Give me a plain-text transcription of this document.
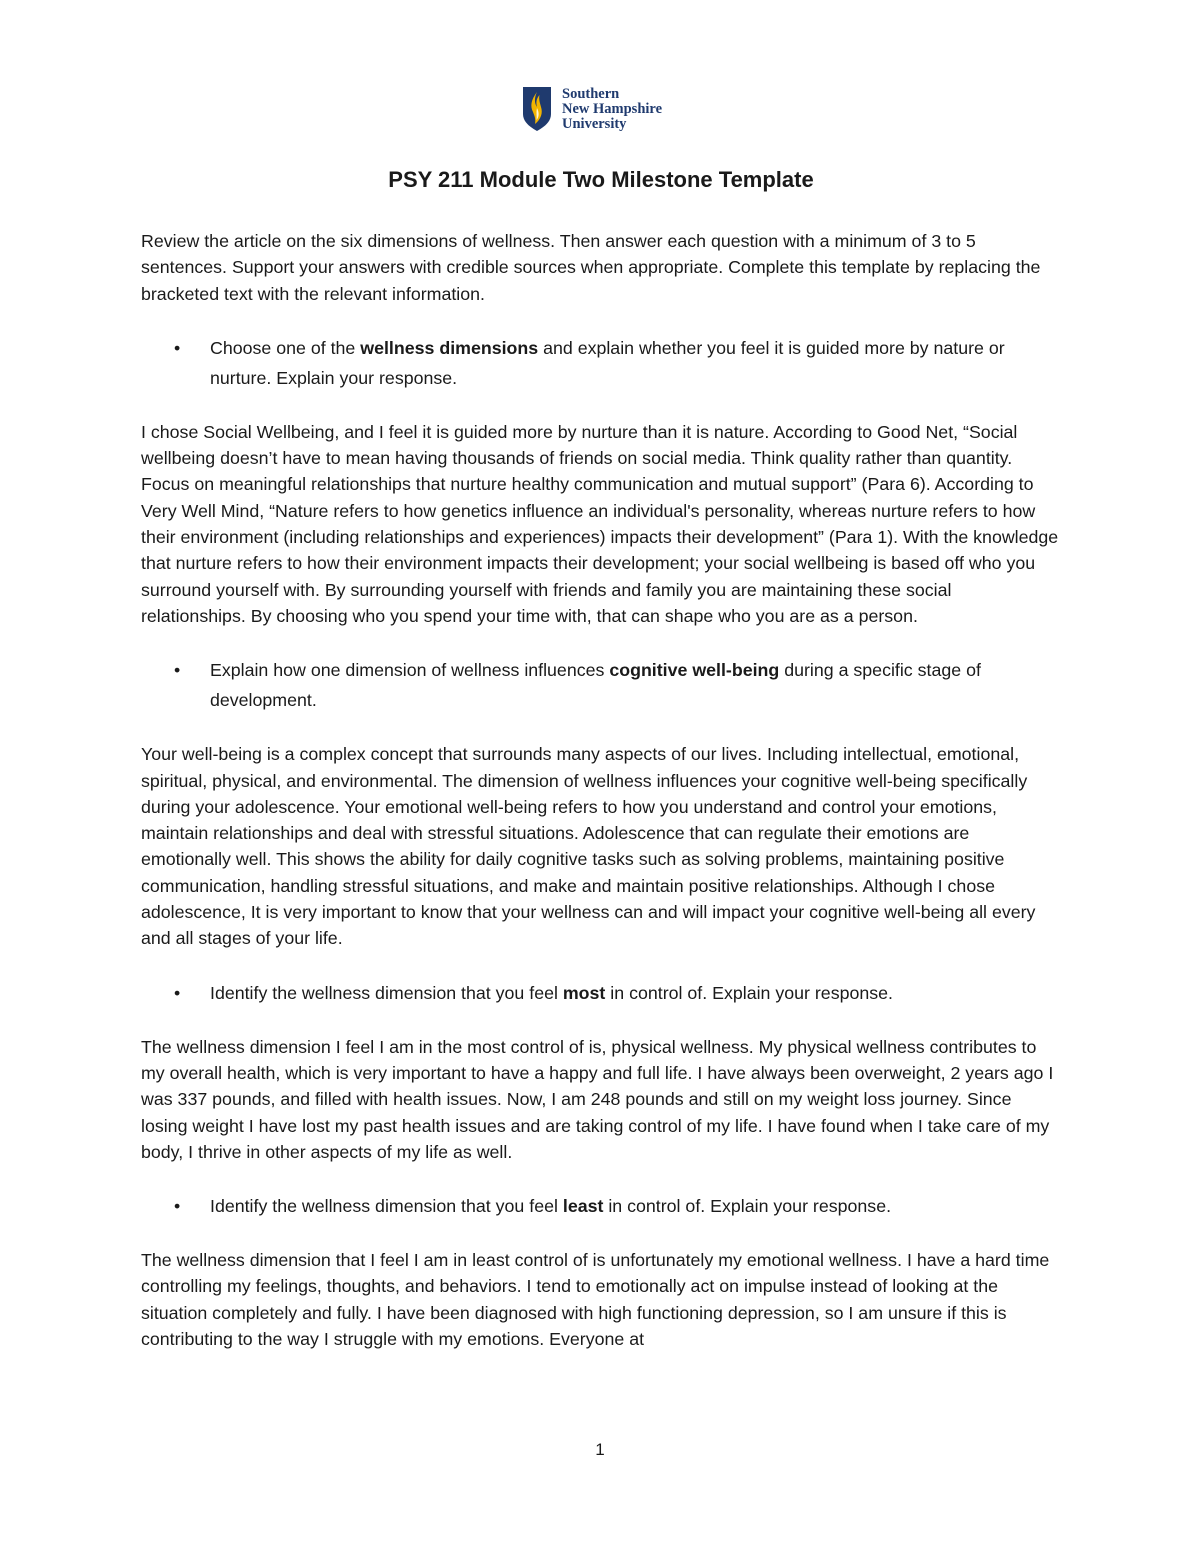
Southern
New Hampshire
University
PSY 211 Module Two Milestone Template

Review the article on the six dimensions of wellness. Then answer each question with a minimum of 3 to 5 sentences. Support your answers with credible sources when appropriate. Complete this template by replacing the bracketed text with the relevant information.

• Choose one of the wellness dimensions and explain whether you feel it is guided more by nature or nurture. Explain your response.

I chose Social Wellbeing, and I feel it is guided more by nurture than it is nature. According to Good Net, “Social wellbeing doesn’t have to mean having thousands of friends on social media. Think quality rather than quantity. Focus on meaningful relationships that nurture healthy communication and mutual support” (Para 6). According to Very Well Mind, “Nature refers to how genetics influence an individual's personality, whereas nurture refers to how their environment (including relationships and experiences) impacts their development” (Para 1). With the knowledge that nurture refers to how their environment impacts their development; your social wellbeing is based off who you surround yourself with. By surrounding yourself with friends and family you are maintaining these social relationships. By choosing who you spend your time with, that can shape who you are as a person.

• Explain how one dimension of wellness influences cognitive well-being during a specific stage of development.

Your well-being is a complex concept that surrounds many aspects of our lives. Including intellectual, emotional, spiritual, physical, and environmental. The dimension of wellness influences your cognitive well-being specifically during your adolescence. Your emotional well-being refers to how you understand and control your emotions, maintain relationships and deal with stressful situations. Adolescence that can regulate their emotions are emotionally well. This shows the ability for daily cognitive tasks such as solving problems, maintaining positive communication, handling stressful situations, and make and maintain positive relationships. Although I chose adolescence, It is very important to know that your wellness can and will impact your cognitive well-being all every and all stages of your life.

• Identify the wellness dimension that you feel most in control of. Explain your response.

The wellness dimension I feel I am in the most control of is, physical wellness. My physical wellness contributes to my overall health, which is very important to have a happy and full life. I have always been overweight, 2 years ago I was 337 pounds, and filled with health issues. Now, I am 248 pounds and still on my weight loss journey. Since losing weight I have lost my past health issues and are taking control of my life. I have found when I take care of my body, I thrive in other aspects of my life as well.

• Identify the wellness dimension that you feel least in control of. Explain your response.

The wellness dimension that I feel I am in least control of is unfortunately my emotional wellness. I have a hard time controlling my feelings, thoughts, and behaviors. I tend to emotionally act on impulse instead of looking at the situation completely and fully. I have been diagnosed with high functioning depression, so I am unsure if this is contributing to the way I struggle with my emotions. Everyone at

1
